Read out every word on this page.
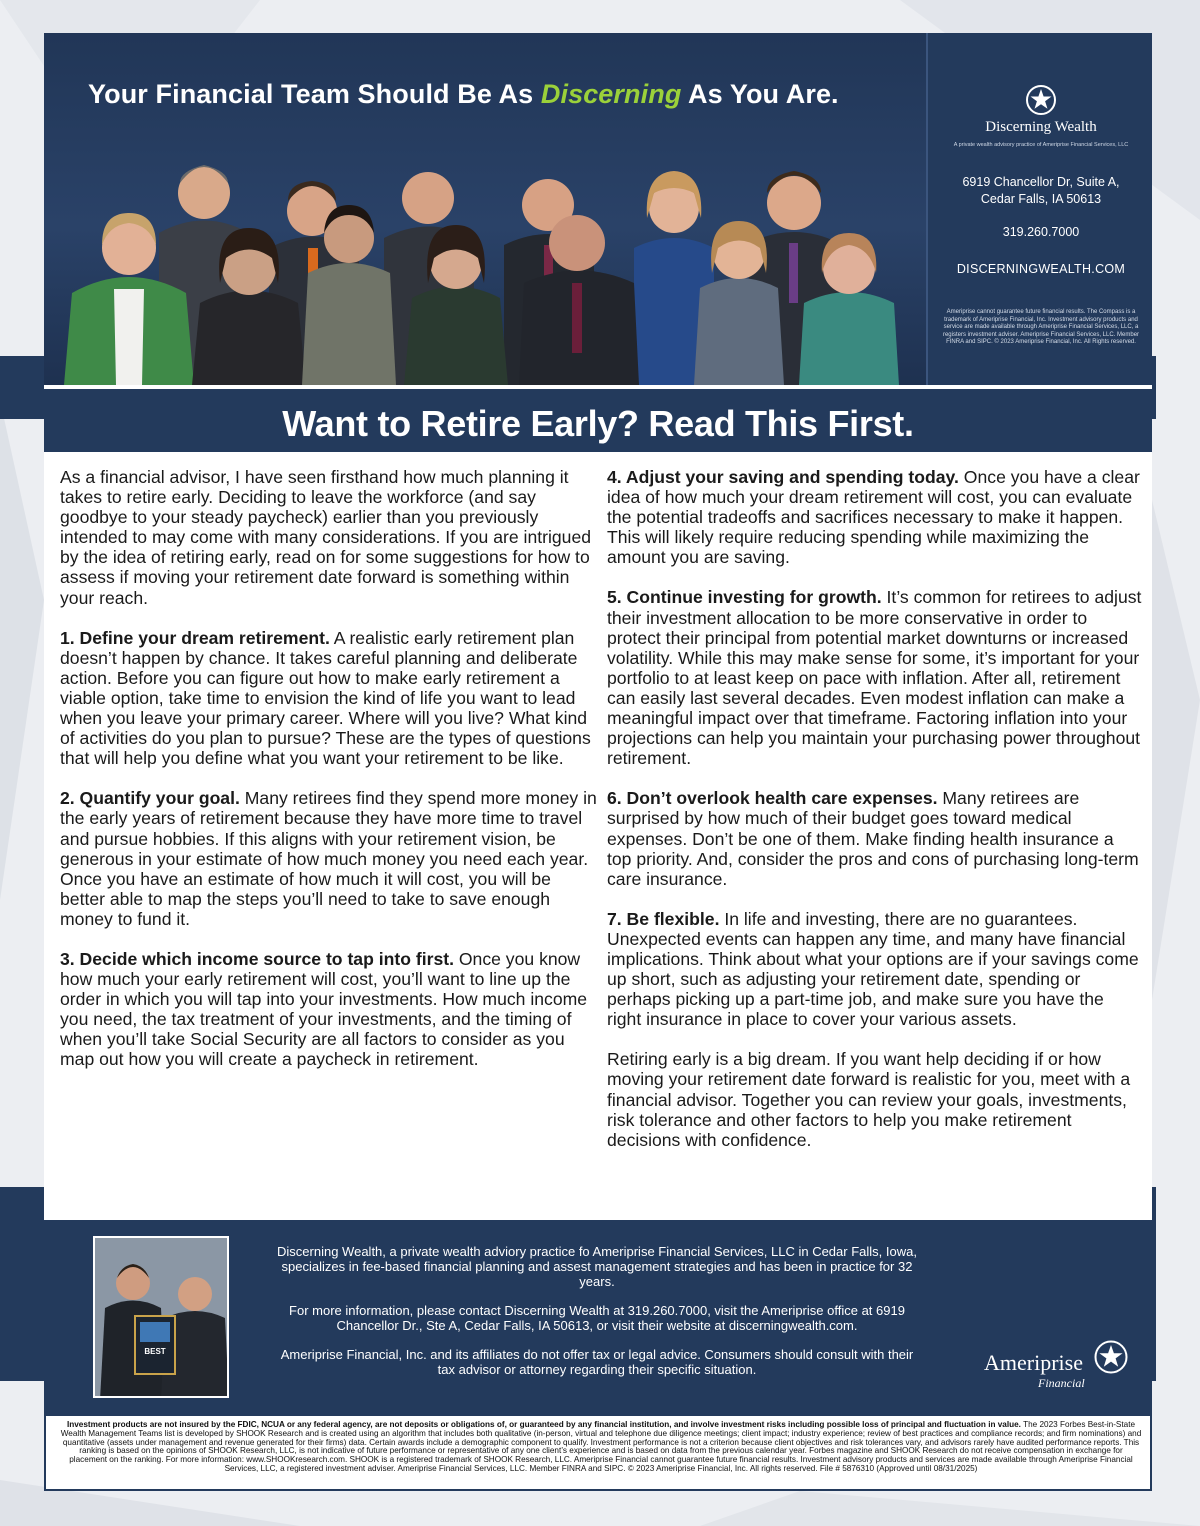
Your Financial Team Should Be As Discerning As You Are.
Discerning Wealth
A private wealth advisory practice of Ameriprise Financial Services, LLC
6919 Chancellor Dr, Suite A,
Cedar Falls, IA 50613
319.260.7000
DISCERNINGWEALTH.COM
Ameriprise cannot guarantee future financial results. The Compass is a trademark of Ameriprise Financial, Inc. Investment advisory products and service are made available through Ameriprise Financial Services, LLC, a registers investment adviser. Ameriprise Financial Services, LLC. Member FINRA and SIPC. © 2023 Ameriprise Financial, Inc. All Rights reserved.
Want to Retire Early? Read This First.

As a financial advisor, I have seen firsthand how much planning it takes to retire early. Deciding to leave the workforce (and say goodbye to your steady paycheck) earlier than you previously intended to may come with many considerations. If you are intrigued by the idea of retiring early, read on for some suggestions for how to assess if moving your retirement date forward is something within your reach.

1. Define your dream retirement. A realistic early retirement plan doesn’t happen by chance. It takes careful planning and deliberate action. Before you can figure out how to make early retirement a viable option, take time to envision the kind of life you want to lead when you leave your primary career. Where will you live? What kind of activities do you plan to pursue? These are the types of questions that will help you define what you want your retirement to be like.

2. Quantify your goal. Many retirees find they spend more money in the early years of retirement because they have more time to travel and pursue hobbies. If this aligns with your retirement vision, be generous in your estimate of how much money you need each year. Once you have an estimate of how much it will cost, you will be better able to map the steps you’ll need to take to save enough money to fund it.

3. Decide which income source to tap into first. Once you know how much your early retirement will cost, you’ll want to line up the order in which you will tap into your investments. How much income you need, the tax treatment of your investments, and the timing of when you’ll take Social Security are all factors to consider as you map out how you will create a paycheck in retirement.

4. Adjust your saving and spending today. Once you have a clear idea of how much your dream retirement will cost, you can evaluate the potential tradeoffs and sacrifices necessary to make it happen. This will likely require reducing spending while maximizing the amount you are saving.

5. Continue investing for growth. It’s common for retirees to adjust their investment allocation to be more conservative in order to protect their principal from potential market downturns or increased volatility. While this may make sense for some, it’s important for your portfolio to at least keep on pace with inflation. After all, retirement can easily last several decades. Even modest inflation can make a meaningful impact over that timeframe. Factoring inflation into your projections can help you maintain your purchasing power throughout retirement.

6. Don’t overlook health care expenses. Many retirees are surprised by how much of their budget goes toward medical expenses. Don’t be one of them. Make finding health insurance a top priority. And, consider the pros and cons of purchasing long-term care insurance.

7. Be flexible. In life and investing, there are no guarantees. Unexpected events can happen any time, and many have financial implications. Think about what your options are if your savings come up short, such as adjusting your retirement date, spending or perhaps picking up a part-time job, and make sure you have the right insurance in place to cover your various assets.

Retiring early is a big dream. If you want help deciding if or how moving your retirement date forward is realistic for you, meet with a financial advisor. Together you can review your goals, investments, risk tolerance and other factors to help you make retirement decisions with confidence.

BEST

Discerning Wealth, a private wealth adviory practice fo Ameriprise Financial Services, LLC in Cedar Falls, Iowa, specializes in fee-based financial planning and assest management strategies and has been in practice for 32 years.

For more information, please contact Discerning Wealth at 319.260.7000, visit the Ameriprise office at 6919 Chancellor Dr., Ste A, Cedar Falls, IA 50613, or visit their website at discerningwealth.com.

Ameriprise Financial, Inc. and its affiliates do not offer tax or legal advice. Consumers should consult with their tax advisor or attorney regarding their specific situation.	Ameriprise
Financial
Investment products are not insured by the FDIC, NCUA or any federal agency, are not deposits or obligations of, or guaranteed by any financial institution, and involve investment risks including possible loss of principal and fluctuation in value. The 2023 Forbes Best-in-State Wealth Management Teams list is developed by SHOOK Research and is created using an algorithm that includes both qualitative (in-person, virtual and telephone due diligence meetings; client impact; industry experience; review of best practices and compliance records; and firm nominations) and quantitative (assets under management and revenue generated for their firms) data. Certain awards include a demographic component to qualify. Investment performance is not a criterion because client objectives and risk tolerances vary, and advisors rarely have audited performance reports. This ranking is based on the opinions of SHOOK Research, LLC, is not indicative of future performance or representative of any one client’s experience and is based on data from the previous calendar year. Forbes magazine and SHOOK Research do not receive compensation in exchange for placement on the ranking. For more information: www.SHOOKresearch.com. SHOOK is a registered trademark of SHOOK Research, LLC. Ameriprise Financial cannot guarantee future financial results. Investment advisory products and services are made available through Ameriprise Financial Services, LLC, a registered investment adviser. Ameriprise Financial Services, LLC. Member FINRA and SIPC. © 2023 Ameriprise Financial, Inc. All rights reserved. File # 5876310 (Approved until 08/31/2025)
